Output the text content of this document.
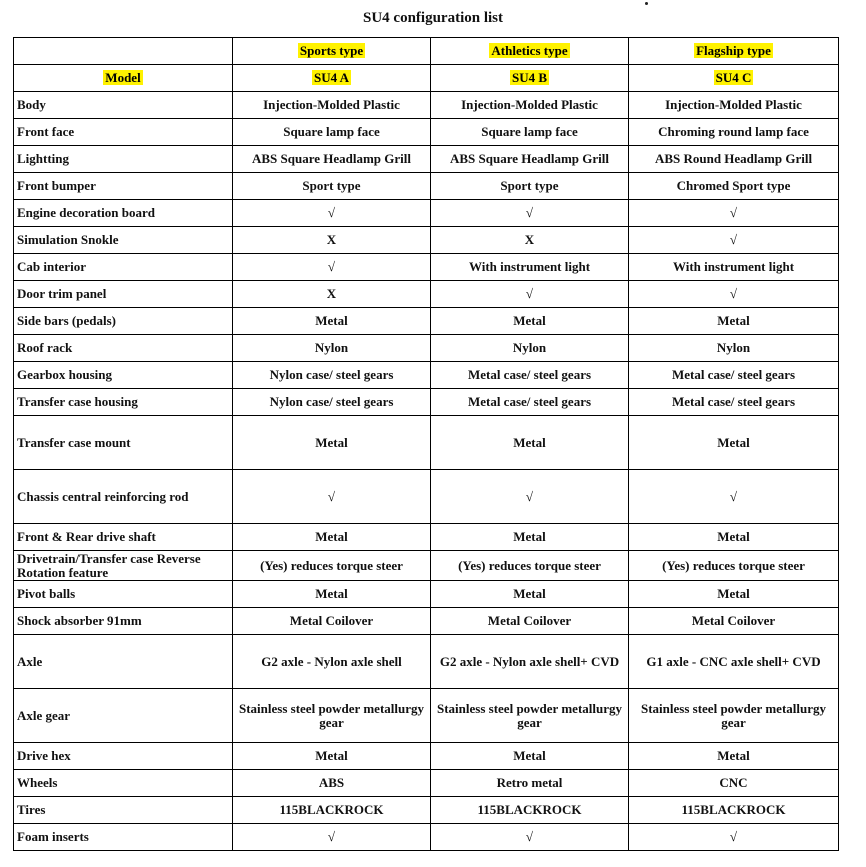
SU4 configuration list
	Sports type	Athletics type	Flagship type
Model	SU4 A	SU4 B	SU4 C
Body	Injection-Molded Plastic	Injection-Molded Plastic	Injection-Molded Plastic
Front face	Square lamp face	Square lamp face	Chroming round lamp face
Lightting	ABS Square Headlamp Grill	ABS Square Headlamp Grill	ABS Round Headlamp Grill
Front bumper	Sport type	Sport type	Chromed Sport type
Engine decoration board	√	√	√
Simulation Snokle	X	X	√
Cab interior	√	With instrument light	With instrument light
Door trim panel	X	√	√
Side bars (pedals)	Metal	Metal	Metal
Roof rack	Nylon	Nylon	Nylon
Gearbox housing	Nylon case/ steel gears	Metal case/ steel gears	Metal case/ steel gears
Transfer case housing	Nylon case/ steel gears	Metal case/ steel gears	Metal case/ steel gears
Transfer case mount	Metal	Metal	Metal
Chassis central reinforcing rod	√	√	√
Front & Rear drive shaft	Metal	Metal	Metal
Drivetrain/Transfer case Reverse Rotation feature	(Yes) reduces torque steer	(Yes) reduces torque steer	(Yes) reduces torque steer
Pivot balls	Metal	Metal	Metal
Shock absorber 91mm	Metal Coilover	Metal Coilover	Metal Coilover
Axle	G2 axle - Nylon axle shell	G2 axle - Nylon axle shell+ CVD	G1 axle - CNC axle shell+ CVD
Axle gear	Stainless steel powder metallurgy gear	Stainless steel powder metallurgy gear	Stainless steel powder metallurgy gear
Drive hex	Metal	Metal	Metal
Wheels	ABS	Retro metal	CNC
Tires	115BLACKROCK	115BLACKROCK	115BLACKROCK
Foam inserts	√	√	√
